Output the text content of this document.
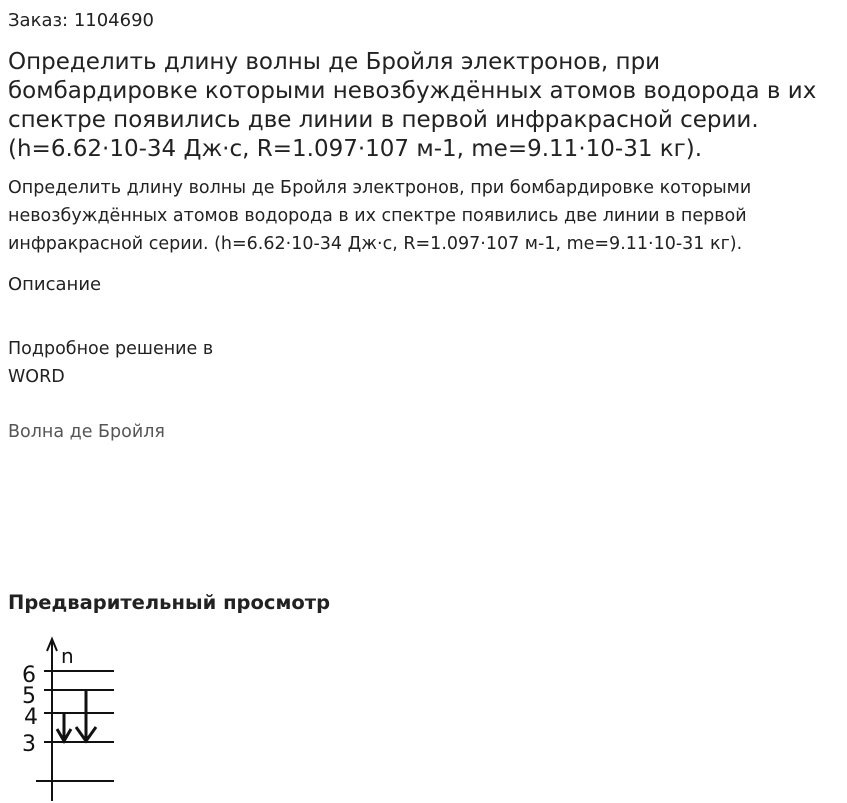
Заказ: 1104690
Определить длину волны де Бройля электронов, при бомбардировке которыми невозбуждённых атомов водорода в их спектре появились две линии в первой инфракрасной серии. (h=6.62·10-34 Дж·с, R=1.097·107 м-1, me=9.11·10-31 кг).
Определить длину волны де Бройля электронов, при бомбардировке которыми невозбуждённых атомов водорода в их спектре появились две линии в первой инфракрасной серии. (h=6.62·10-34 Дж·с, R=1.097·107 м-1, me=9.11·10-31 кг).
Описание
Подробное решение в WORD
Волна де Бройля
Предварительный просмотр
n
6
5
4
3
